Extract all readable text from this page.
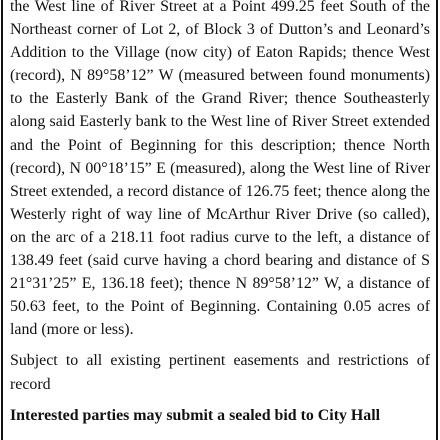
the West line of River Street at a Point 499.25 feet South of the Northeast corner of Lot 2, of Block 3 of Dutton’s and Leonard’s Addition to the Village (now city) of Eaton Rapids; thence West (record), N 89°58’12” W (measured between found monuments) to the Easterly Bank of the Grand River; thence Southeasterly along said Easterly bank to the West line of River Street extended and the Point of Beginning for this description; thence North (record), N 00°18’15” E (measured), along the West line of River Street extended, a record distance of 126.75 feet; thence along the Westerly right of way line of McArthur River Drive (so called), on the arc of a 218.11 foot radius curve to the left, a distance of 138.49 feet (said curve having a chord bearing and distance of S 21°31’25” E, 136.18 feet); thence N 89°58’12” W, a distance of 50.63 feet, to the Point of Beginning. Containing 0.05 acres of land (more or less).

Subject to all existing pertinent easements and restrictions of record

Interested parties may submit a sealed bid to City Hall
